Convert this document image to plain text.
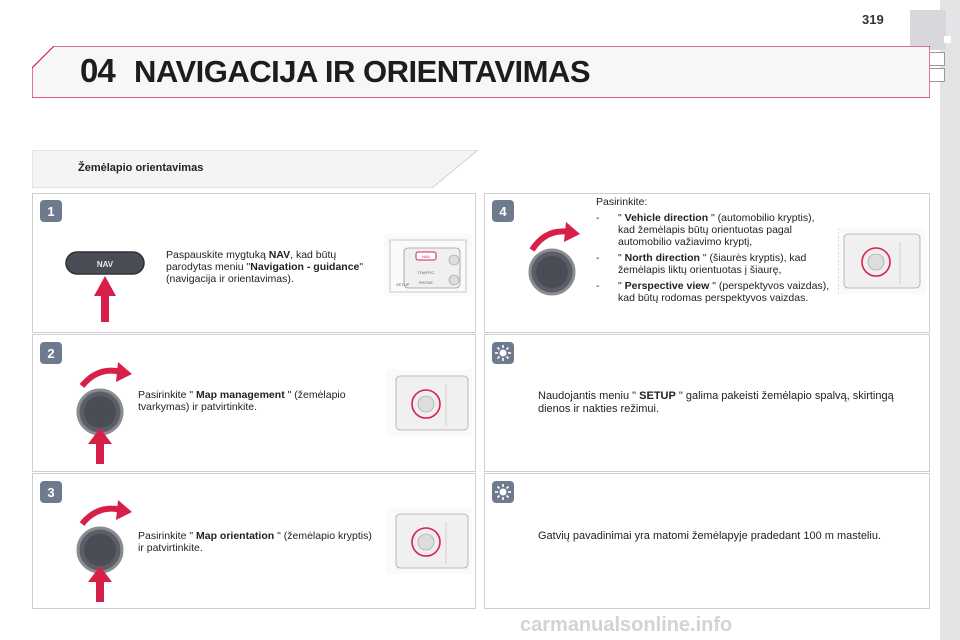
319
04 NAVIGACIJA IR ORIENTAVIMAS
Žemėlapio orientavimas
1
2
3
4
NAV
Paspauskite mygtuką NAV, kad būtų parodytas meniu "Navigation - guidance" (navigacija ir orientavimas).
NAV
TRAFFIC
PHONE
SETUP
Pasirinkite " Map management " (žemėlapio tvarkymas) ir patvirtinkite.
Pasirinkite " Map orientation " (žemėlapio kryptis) ir patvirtinkite.
Pasirinkite:
-	" Vehicle direction " (automobilio kryptis), kad žemėlapis būtų orientuotas pagal automobilio važiavimo kryptį,
-	" North direction " (šiaurės kryptis), kad žemėlapis liktų orientuotas į šiaurę,
-	" Perspective view " (perspektyvos vaizdas), kad būtų rodomas perspektyvos vaizdas.
Naudojantis meniu " SETUP " galima pakeisti žemėlapio spalvą, skirtingą dienos ir nakties režimui.
Gatvių pavadinimai yra matomi žemėlapyje pradedant 100 m masteliu.
carmanualsonline.info
